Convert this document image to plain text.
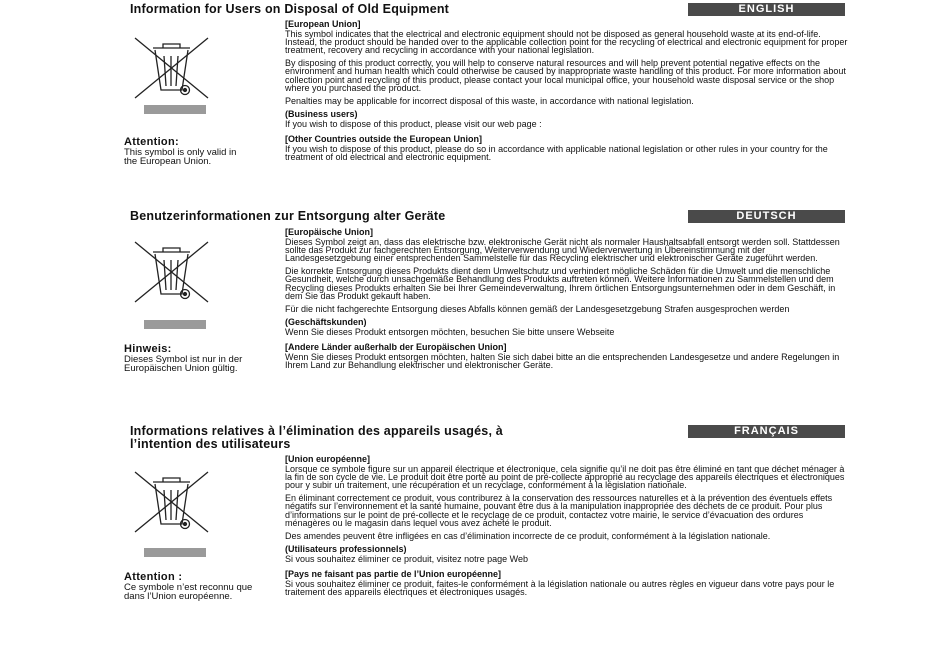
Information for Users on Disposal of Old Equipment	ENGLISH
Attention:
This symbol is only valid in the European Union.

[European Union]

This symbol indicates that the electrical and electronic equipment should not be disposed as general household waste at its end-of-life. Instead, the product should be handed over to the applicable collection point for the recycling of electrical and electronic equipment for proper treatment, recovery and recycling in accordance with your national legislation.

By disposing of this product correctly, you will help to conserve natural resources and will help prevent potential negative effects on the environment and human health which could otherwise be caused by inappropriate waste handling of this product. For more information about collection point and recycling of this product, please contact your local municipal office, your household waste disposal service or the shop where you purchased the product.

Penalties may be applicable for incorrect disposal of this waste, in accordance with national legislation.

(Business users)

If you wish to dispose of this product, please visit our web page :

[Other Countries outside the European Union]

If you wish to dispose of this product, please do so in accordance with applicable national legislation or other rules in your country for the treatment of old electrical and electronic equipment.

Benutzerinformationen zur Entsorgung alter Geräte	DEUTSCH
Hinweis:
Dieses Symbol ist nur in der Europäischen Union gültig.

[Europäische Union]

Dieses Symbol zeigt an, dass das elektrische bzw. elektronische Gerät nicht als normaler Haushaltsabfall entsorgt werden soll. Stattdessen sollte das Produkt zur fachgerechten Entsorgung, Weiterverwendung und Wiederverwertung in Übereinstimmung mit der Landesgesetzgebung einer entsprechenden Sammelstelle für das Recycling elektrischer und elektronischer Geräte zugeführt werden.

Die korrekte Entsorgung dieses Produkts dient dem Umweltschutz und verhindert mögliche Schäden für die Umwelt und die menschliche Gesundheit, welche durch unsachgemäße Behandlung des Produkts auftreten können. Weitere Informationen zu Sammelstellen und dem Recycling dieses Produkts erhalten Sie bei Ihrer Gemeindeverwaltung, Ihrem örtlichen Entsorgungsunternehmen oder in dem Geschäft, in dem Sie das Produkt gekauft haben.

Für die nicht fachgerechte Entsorgung dieses Abfalls können gemäß der Landesgesetzgebung Strafen ausgesprochen werden

(Geschäftskunden)

Wenn Sie dieses Produkt entsorgen möchten, besuchen Sie bitte unsere Webseite

[Andere Länder außerhalb der Europäischen Union]

Wenn Sie dieses Produkt entsorgen möchten, halten Sie sich dabei bitte an die entsprechenden Landesgesetze und andere Regelungen in Ihrem Land zur Behandlung elektrischer und elektronischer Geräte.

Informations relatives à l’élimination des appareils usagés, à
l’intention des utilisateurs
FRANÇAIS
Attention :
Ce symbole n’est reconnu que dans l’Union européenne.

[Union européenne]

Lorsque ce symbole figure sur un appareil électrique et électronique, cela signifie qu’il ne doit pas être éliminé en tant que déchet ménager à la fin de son cycle de vie. Le produit doit être porté au point de pré-collecte approprié au recyclage des appareils électriques et électroniques pour y subir un traitement, une récupération et un recyclage, conformément à la législation nationale.

En éliminant correctement ce produit, vous contriburez à la conservation des ressources naturelles et à la prévention des éventuels effets négatifs sur l’environnement et la santé humaine, pouvant être dus à la manipulation inappropriée des déchets de ce produit. Pour plus d’informations sur le point de pré-collecte et le recyclage de ce produit, contactez votre mairie, le service d’évacuation des ordures ménagères ou le magasin dans lequel vous avez acheté le produit.

Des amendes peuvent être infligées en cas d’élimination incorrecte de ce produit, conformément à la législation nationale.

(Utilisateurs professionnels)

Si vous souhaitez éliminer ce produit, visitez notre page Web

[Pays ne faisant pas partie de l’Union européenne]

Si vous souhaitez éliminer ce produit, faites-le conformément à la législation nationale ou autres règles en vigueur dans votre pays pour le traitement des appareils électriques et électroniques usagés.
